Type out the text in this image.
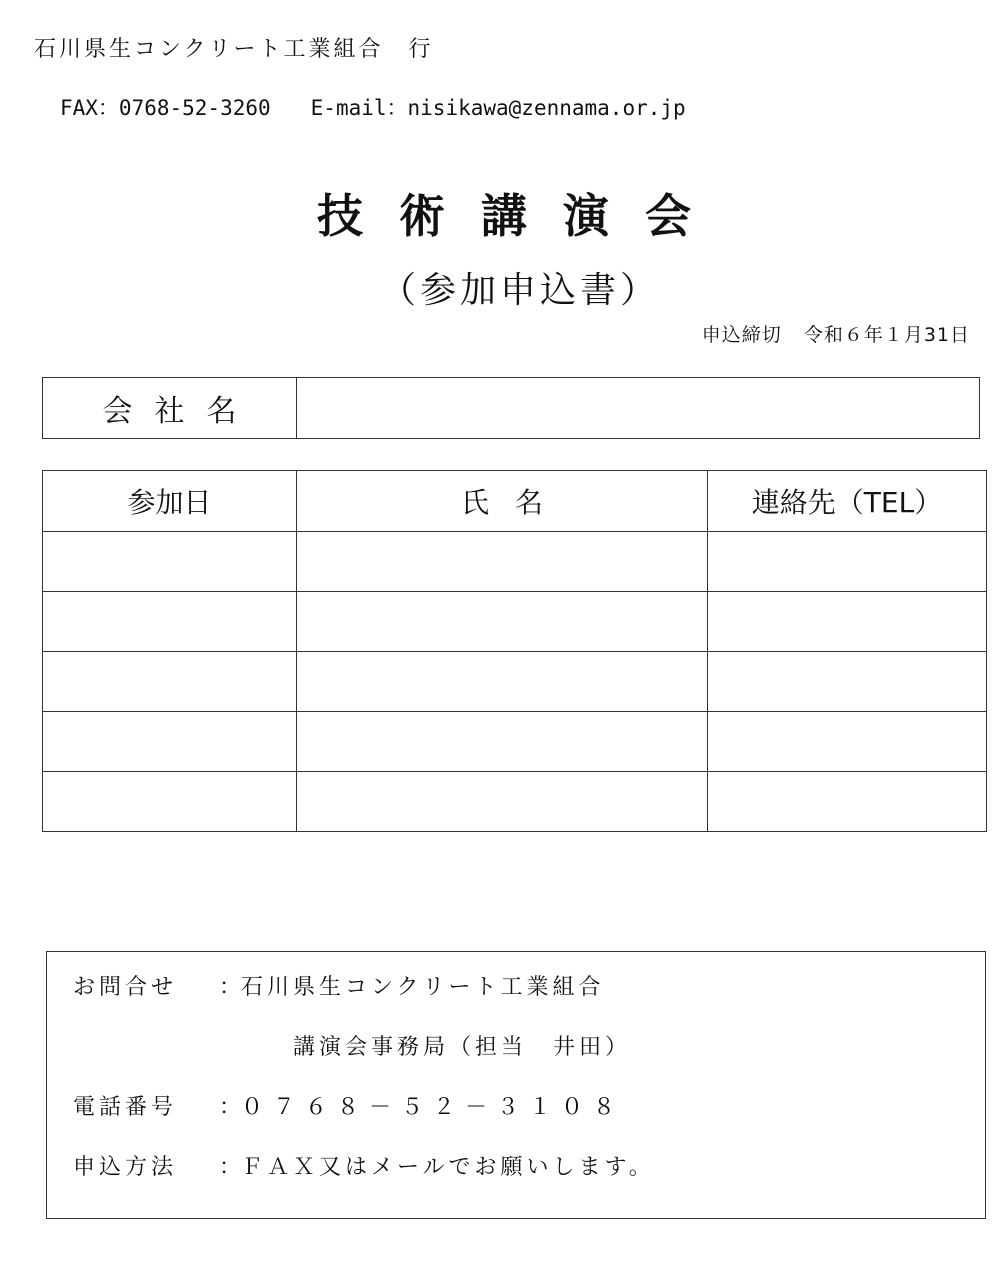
石川県生コンクリート工業組合　行
FAX：0768-52-3260 E-mail：nisikawa@zennama.or.jp
技術講演会
（参加申込書）
申込締切 令和６年１月31日
会社名
参加日	氏名	連絡先（TEL）

お問合せ ：石川県生コンクリート工業組合
講演会事務局（担当　井田）
電話番号 ：０７６８－５２－３１０８
申込方法 ：ＦＡＸ又はメールでお願いします。
